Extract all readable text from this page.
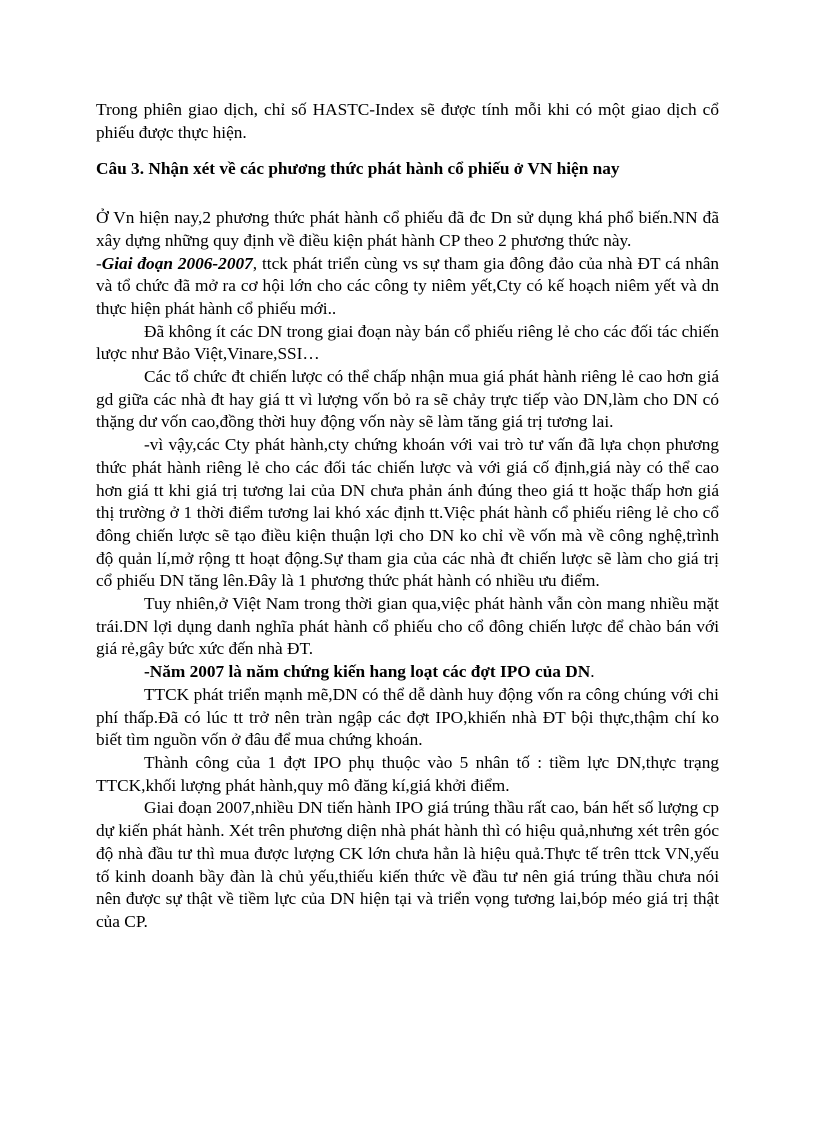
Trong phiên giao dịch, chỉ số HASTC-Index sẽ được tính mỗi khi có một giao dịch cổ phiếu được thực hiện.

Câu 3. Nhận xét về các phương thức phát hành cổ phiếu ở VN hiện nay

Ở Vn hiện nay,2 phương thức phát hành cổ phiếu đã đc Dn sử dụng khá phổ biến.NN đã xây dựng những quy định về điều kiện phát hành CP theo 2 phương thức này.

-Giai đoạn 2006-2007, ttck phát triển cùng vs sự tham gia đông đảo của nhà ĐT cá nhân và tổ chức đã mở ra cơ hội lớn cho các công ty niêm yết,Cty có kế hoạch niêm yết và dn thực hiện phát hành cổ phiếu mới..

Đã không ít các DN trong giai đoạn này bán cổ phiếu riêng lẻ cho các đối tác chiến lược như Bảo Việt,Vinare,SSI…

Các tổ chức đt chiến lược có thể chấp nhận mua giá phát hành riêng lẻ cao hơn giá gd giữa các nhà đt hay giá tt vì lượng vốn bỏ ra sẽ chảy trực tiếp vào DN,làm cho DN có thặng dư vốn cao,đồng thời huy động vốn này sẽ làm tăng giá trị tương lai.

-vì vậy,các Cty phát hành,cty chứng khoán với vai trò tư vấn đã lựa chọn phương thức phát hành riêng lẻ cho các đối tác chiến lược và với giá cố định,giá này có thể cao hơn giá tt khi giá trị tương lai của DN chưa phản ánh đúng theo giá tt hoặc thấp hơn giá thị trường ở 1 thời điểm tương lai khó xác định tt.Việc phát hành cổ phiếu riêng lẻ cho cổ đông chiến lược sẽ tạo điều kiện thuận lợi cho DN ko chỉ về vốn mà về công nghệ,trình độ quản lí,mở rộng tt hoạt động.Sự tham gia của các nhà đt chiến lược sẽ làm cho giá trị cổ phiếu DN tăng lên.Đây là 1 phương thức phát hành có nhiều ưu điểm.

Tuy nhiên,ở Việt Nam trong thời gian qua,việc phát hành vẫn còn mang nhiều mặt trái.DN lợi dụng danh nghĩa phát hành cổ phiếu cho cổ đông chiến lược để chào bán với giá rẻ,gây bức xức đến nhà ĐT.

-Năm 2007 là năm chứng kiến hang loạt các đợt IPO của DN.

TTCK phát triển mạnh mẽ,DN có thể dễ dành huy động vốn ra công chúng với chi phí thấp.Đã có lúc tt trở nên tràn ngập các đợt IPO,khiến nhà ĐT bội thực,thậm chí ko biết tìm nguồn vốn ở đâu để mua chứng khoán.

Thành công của 1 đợt IPO phụ thuộc vào 5 nhân tố : tiềm lực DN,thực trạng TTCK,khối lượng phát hành,quy mô đăng kí,giá khởi điểm.

Giai đoạn 2007,nhiều DN tiến hành IPO giá trúng thầu rất cao, bán hết số lượng cp dự kiến phát hành. Xét trên phương diện nhà phát hành thì có hiệu quả,nhưng xét trên góc độ nhà đầu tư thì mua được lượng CK lớn chưa hẳn là hiệu quả.Thực tế trên ttck VN,yếu tố kinh doanh bầy đàn là chủ yếu,thiếu kiến thức về đầu tư nên giá trúng thầu chưa nói nên được sự thật về tiềm lực của DN hiện tại và triển vọng tương lai,bóp méo giá trị thật của CP.
